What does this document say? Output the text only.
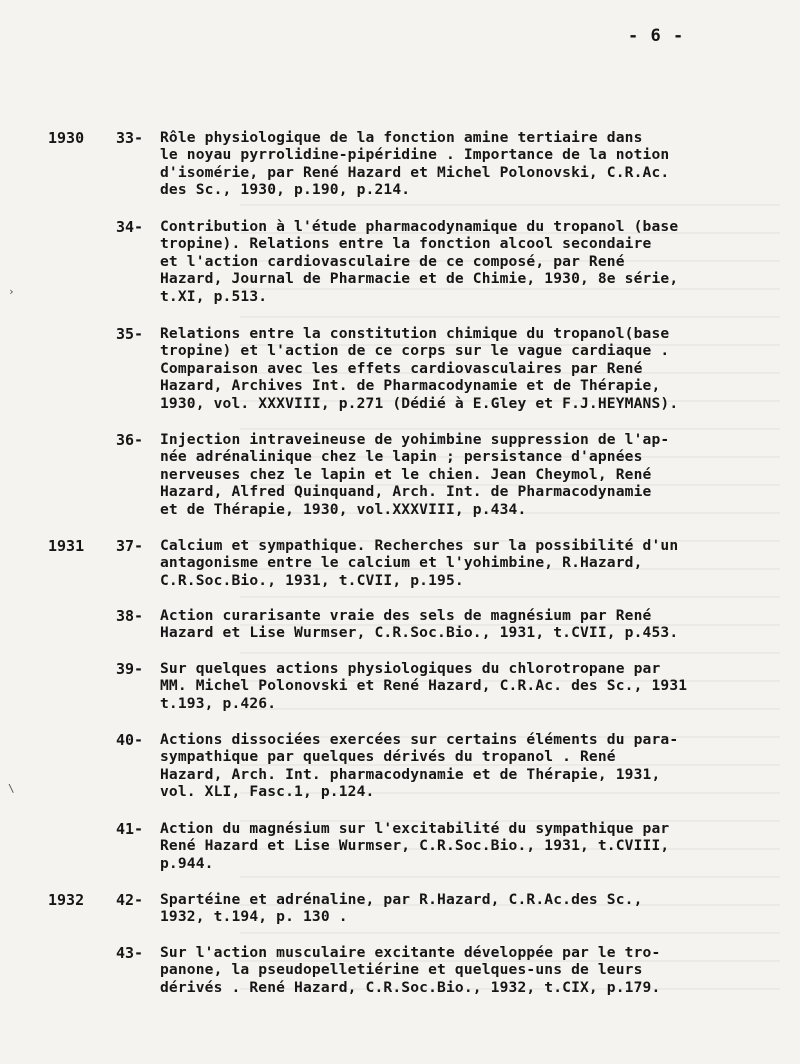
- 6 -
1930 33-	Rôle physiologique de la fonction amine tertiaire dans
le noyau pyrrolidine-pipéridine . Importance de la notion
d'isomérie, par René Hazard et Michel Polonovski, C.R.Ac.
des Sc., 1930, p.190, p.214.
34-	Contribution à l'étude pharmacodynamique du tropanol (base
tropine). Relations entre la fonction alcool secondaire
et l'action cardiovasculaire de ce composé, par René
Hazard, Journal de Pharmacie et de Chimie, 1930, 8e série,
t.XI, p.513.
35-	Relations entre la constitution chimique du tropanol(base
tropine) et l'action de ce corps sur le vague cardiaque .
Comparaison avec les effets cardiovasculaires par René
Hazard, Archives Int. de Pharmacodynamie et de Thérapie,
1930, vol. XXXVIII, p.271 (Dédié à E.Gley et F.J.HEYMANS).
36-	Injection intraveineuse de yohimbine suppression de l'ap-
née adrénalinique chez le lapin ; persistance d'apnées
nerveuses chez le lapin et le chien. Jean Cheymol, René
Hazard, Alfred Quinquand, Arch. Int. de Pharmacodynamie
et de Thérapie, 1930, vol.XXXVIII, p.434.
1931 37-	Calcium et sympathique. Recherches sur la possibilité d'un
antagonisme entre le calcium et l'yohimbine, R.Hazard,
C.R.Soc.Bio., 1931, t.CVII, p.195.
38-	Action curarisante vraie des sels de magnésium par René
Hazard et Lise Wurmser, C.R.Soc.Bio., 1931, t.CVII, p.453.
39-	Sur quelques actions physiologiques du chlorotropane par
MM. Michel Polonovski et René Hazard, C.R.Ac. des Sc., 1931
t.193, p.426.
40-	Actions dissociées exercées sur certains éléments du para-
sympathique par quelques dérivés du tropanol . René
Hazard, Arch. Int. pharmacodynamie et de Thérapie, 1931,
vol. XLI, Fasc.1, p.124.
41-	Action du magnésium sur l'excitabilité du sympathique par
René Hazard et Lise Wurmser, C.R.Soc.Bio., 1931, t.CVIII,
p.944.
1932 42-	Spartéine et adrénaline, par R.Hazard, C.R.Ac.des Sc.,
1932, t.194, p. 130 .
43-	Sur l'action musculaire excitante développée par le tro-
panone, la pseudopelletiérine et quelques-uns de leurs
dérivés . René Hazard, C.R.Soc.Bio., 1932, t.CIX, p.179.
›
\
